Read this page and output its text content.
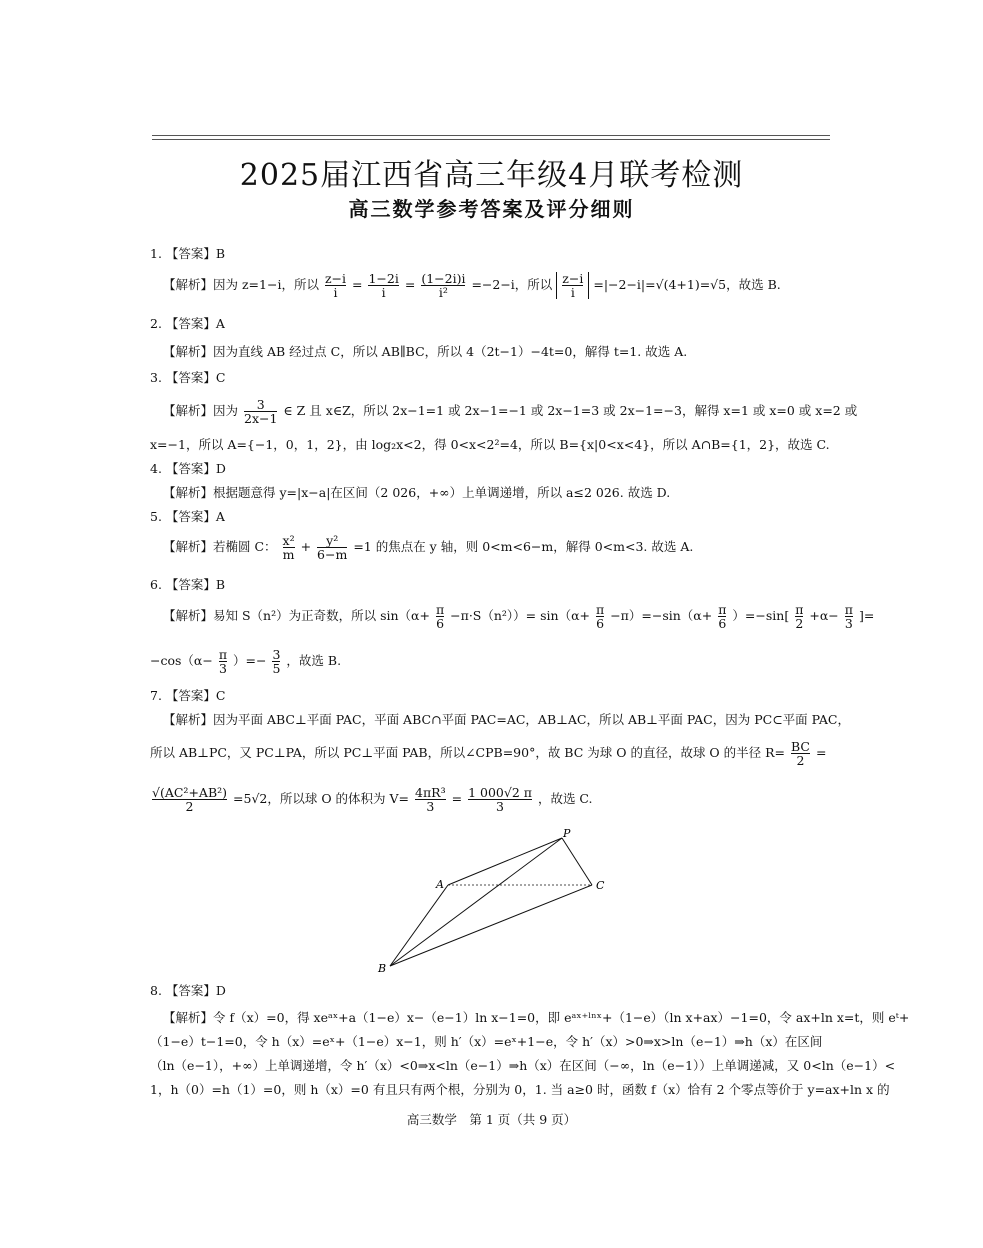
2025届江西省高三年级4月联考检测
高三数学参考答案及评分细则
1. 【答案】B
【解析】因为 z=1−i，所以 $\frac{z-i}{i} = \frac{1-2i}{i} = \frac{(1-2i)i}{\text{i²}} =-2-i$，所以 $\frac{z-i}{i} =|-2-i|=√(4+1)=√5$，故选 B.
2. 【答案】A
【解析】因为直线 AB 经过点 C，所以 AB∥BC，所以 4（2t−1）−4t=0，解得 t=1. 故选 A.
3. 【答案】C
【解析】因为 $\frac{3}{2x-1}$ ∈ Z 且 x∈Z，所以 2x−1=1 或 2x−1=−1 或 2x−1=3 或 2x−1=−3，解得 x=1 或 x=0 或 x=2 或
x=−1，所以 A={−1，0，1，2}，由 log₂x<2，得 0<x<2²=4，所以 B={x|0<x<4}，所以 A∩B={1，2}，故选 C.
4. 【答案】D
【解析】根据题意得 y=|x−a|在区间（2 026，+∞）上单调递增，所以 a≤2 026. 故选 D.
5. 【答案】A
【解析】若椭圆 C： $\frac{\text{x²}}{m} + \frac{\text{y²}}{6-m} =1$ 的焦点在 y 轴，则 0<m<6−m，解得 0<m<3. 故选 A.
6. 【答案】B
【解析】易知 S（n²）为正奇数，所以 $\sin(\alpha+ \frac{\pi}{6} -\pi\cdot S(n^2))= \sin(\alpha+ \frac{\pi}{6} -\pi)=-\sin(\alpha+ \frac{\pi}{6} )=-\sin[ \frac{\pi}{2} +\alpha- \frac{\pi}{3}$ ]=
$-\cos(\alpha- \frac{\pi}{3}$ ）=− $\frac{3}{5}$ ，故选 B.
7. 【答案】C
【解析】因为平面 ABC⊥平面 PAC，平面 ABC∩平面 PAC=AC，AB⊥AC，所以 AB⊥平面 PAC，因为 PC⊂平面 PAC，
所以 AB⊥PC，又 PC⊥PA，所以 PC⊥平面 PAB，所以∠CPB=90°，故 BC 为球 O 的直径，故球 O 的半径 $R= \frac{BC}{2}$ =
$\frac{\text{√(AC²+AB²)}}{2} =5√2$，所以球 O 的体积为 $V= \frac{\text{4πR³}}{3} = \frac{1 000√2 \pi}{3}$ ，故选 C.
P
A	C
B
8. 【答案】D
【解析】令 f（x）=0，得 xeᵃˣ+a（1−e）x−（e−1）ln x−1=0，即 eᵃˣ⁺ˡⁿˣ+（1−e）（ln x+ax）−1=0，令 ax+ln x=t，则 eᵗ+
（1−e）t−1=0，令 h（x）=eˣ+（1−e）x−1，则 h′（x）=eˣ+1−e，令 h′（x）>0⇒x>ln（e−1）⇒h（x）在区间
（ln（e−1），+∞）上单调递增，令 h′（x）<0⇒x<ln（e−1）⇒h（x）在区间（−∞，ln（e−1））上单调递减，又 0<ln（e−1）<
1，h（0）=h（1）=0，则 h（x）=0 有且只有两个根，分别为 0，1. 当 a≥0 时，函数 f（x）恰有 2 个零点等价于 y=ax+ln x 的
高三数学　第 1 页（共 9 页）
